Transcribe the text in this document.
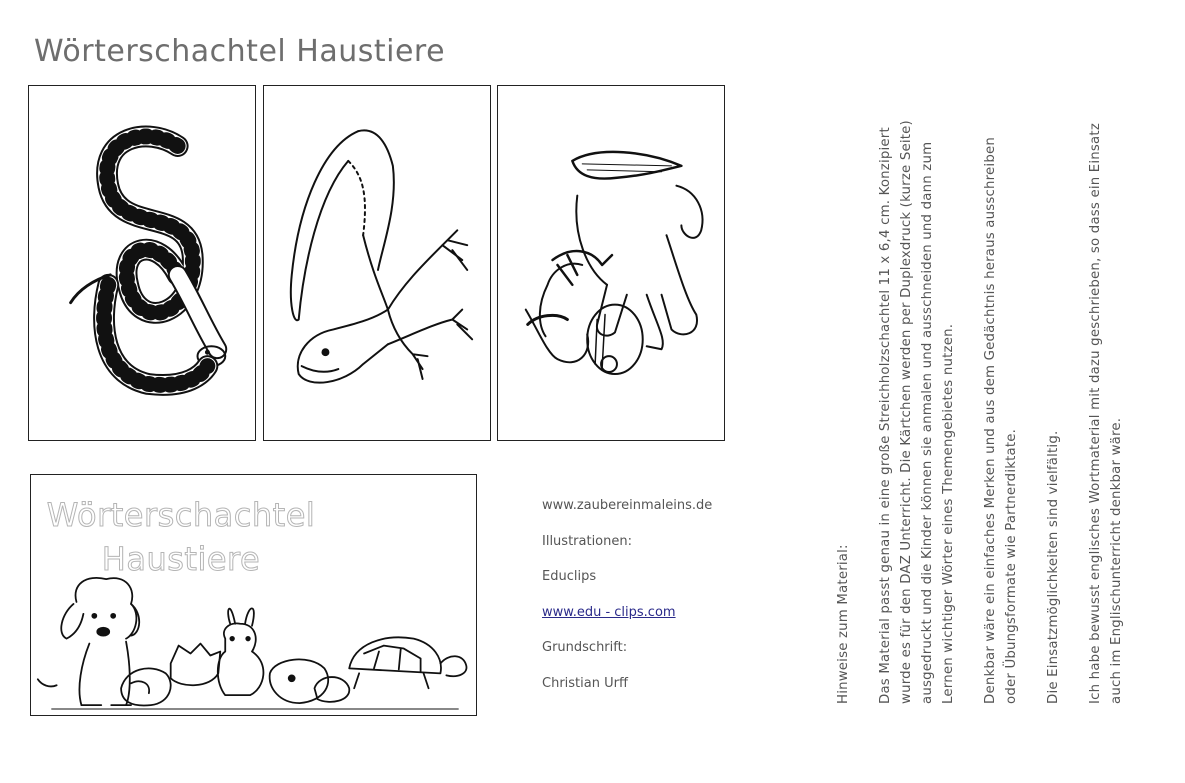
Wörterschachtel Haustiere
Wörterschachtel
Haustiere
www.zaubereinmaleins.de
Illustrationen:
Educlips
www.edu - clips.com
Grundschrift:
Christian Urff	Hinweise zum Material: Das Material passt genau in eine große Streichholzschachtel 11 x 6,4 cm. Konzipiert wurde es für den DAZ Unterricht. Die Kärtchen werden per Duplexdruck (kurze Seite) ausgedruckt und die Kinder können sie anmalen und ausschneiden und dann zum Lernen wichtiger Wörter eines Themengebietes nutzen. Denkbar wäre ein einfaches Merken und aus dem Gedächtnis heraus ausschreiben oder Übungsformate wie Partnerdiktate. Die Einsatzmöglichkeiten sind vielfältig. Ich habe bewusst englisches Wortmaterial mit dazu geschrieben, so dass ein Einsatz auch im Englischunterricht denkbar wäre.
